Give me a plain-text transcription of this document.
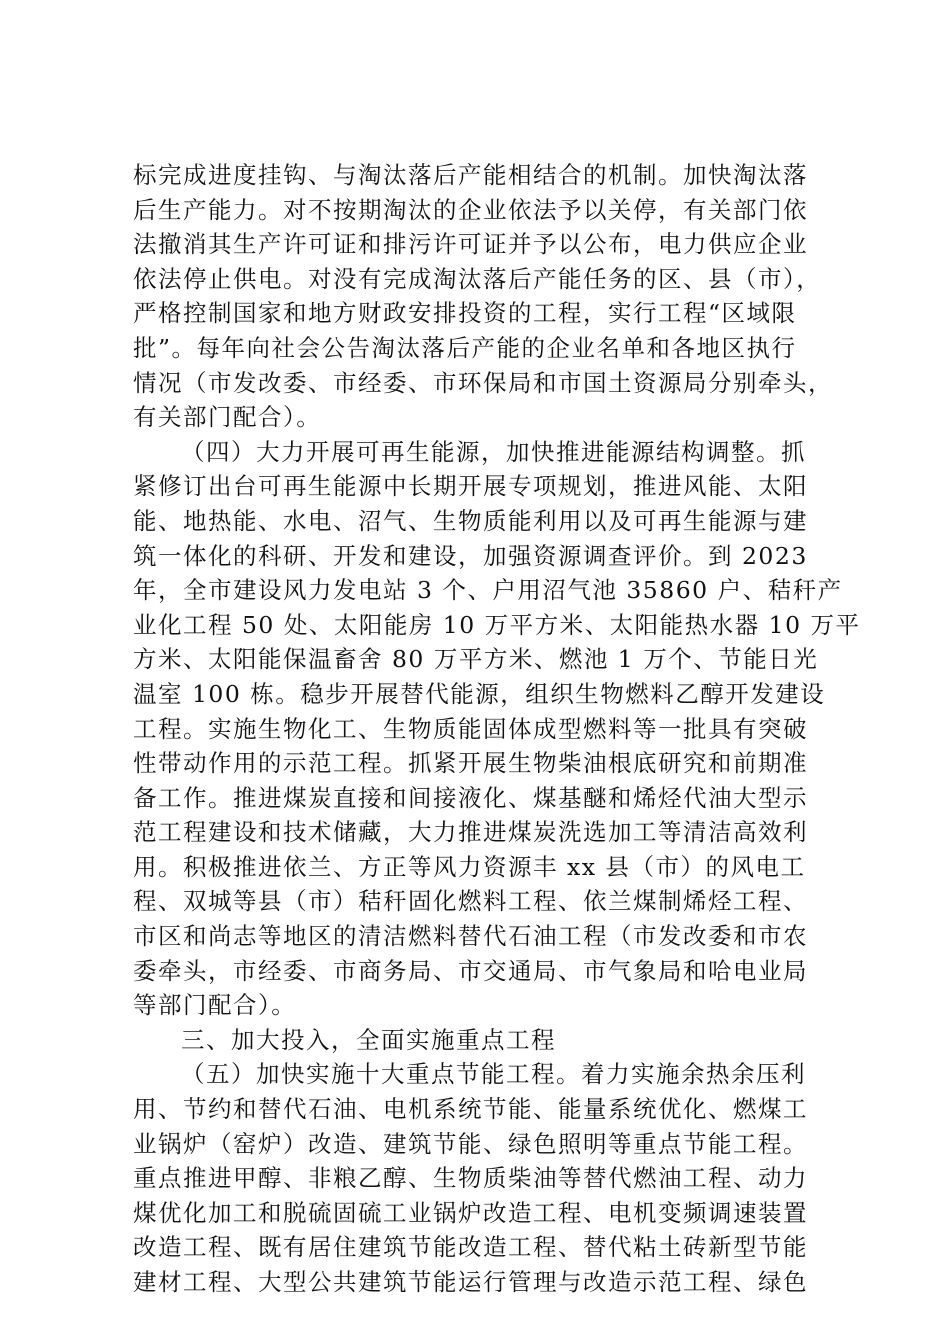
标完成进度挂钩、与淘汰落后产能相结合的机制。加快淘汰落
后生产能力。对不按期淘汰的企业依法予以关停，有关部门依
法撤消其生产许可证和排污许可证并予以公布，电力供应企业
依法停止供电。对没有完成淘汰落后产能任务的区、县（市），
严格控制国家和地方财政安排投资的工程，实行工程“区域限
批”。每年向社会公告淘汰落后产能的企业名单和各地区执行
情况（市发改委、市经委、市环保局和市国土资源局分别牵头，
有关部门配合）。
（四）大力开展可再生能源，加快推进能源结构调整。抓
紧修订出台可再生能源中长期开展专项规划，推进风能、太阳
能、地热能、水电、沼气、生物质能利用以及可再生能源与建
筑一体化的科研、开发和建设，加强资源调查评价。到 2023
年，全市建设风力发电站 3 个、户用沼气池 35860 户、秸秆产
业化工程 50 处、太阳能房 10 万平方米、太阳能热水器 10 万平
方米、太阳能保温畜舍 80 万平方米、燃池 1 万个、节能日光
温室 100 栋。稳步开展替代能源，组织生物燃料乙醇开发建设
工程。实施生物化工、生物质能固体成型燃料等一批具有突破
性带动作用的示范工程。抓紧开展生物柴油根底研究和前期准
备工作。推进煤炭直接和间接液化、煤基醚和烯烃代油大型示
范工程建设和技术储藏，大力推进煤炭洗选加工等清洁高效利
用。积极推进依兰、方正等风力资源丰 xx 县（市）的风电工
程、双城等县（市）秸秆固化燃料工程、依兰煤制烯烃工程、
市区和尚志等地区的清洁燃料替代石油工程（市发改委和市农
委牵头，市经委、市商务局、市交通局、市气象局和哈电业局
等部门配合）。
三、加大投入，全面实施重点工程
（五）加快实施十大重点节能工程。着力实施余热余压利
用、节约和替代石油、电机系统节能、能量系统优化、燃煤工
业锅炉（窑炉）改造、建筑节能、绿色照明等重点节能工程。
重点推进甲醇、非粮乙醇、生物质柴油等替代燃油工程、动力
煤优化加工和脱硫固硫工业锅炉改造工程、电机变频调速装置
改造工程、既有居住建筑节能改造工程、替代粘土砖新型节能
建材工程、大型公共建筑节能运行管理与改造示范工程、绿色
